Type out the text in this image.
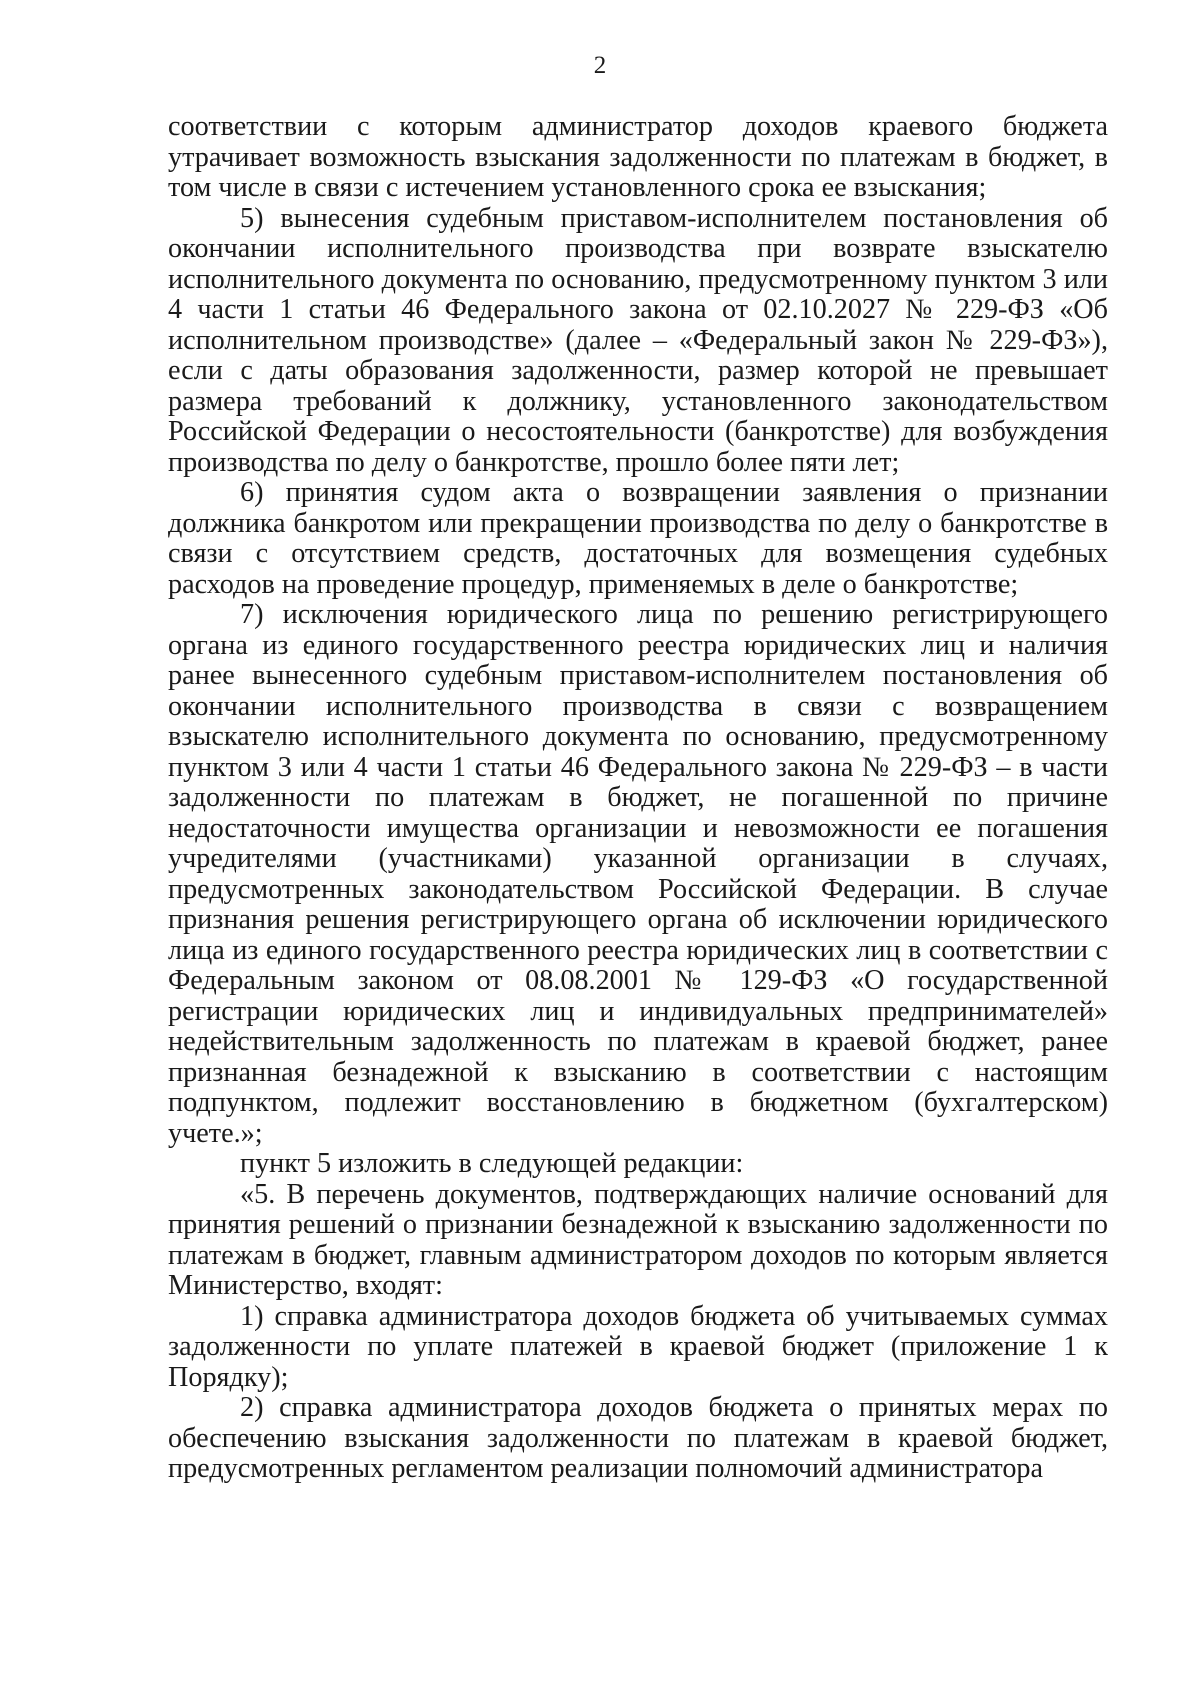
2

соответствии с которым администратор доходов краевого бюджета утрачивает возможность взыскания задолженности по платежам в бюджет, в том числе в связи с истечением установленного срока ее взыскания;

5) вынесения судебным приставом-исполнителем постановления об окончании исполнительного производства при возврате взыскателю исполнительного документа по основанию, предусмотренному пунктом 3 или 4 части 1 статьи 46 Федерального закона от 02.10.2027 № 229-ФЗ «Об исполнительном производстве» (далее – «Федеральный закон № 229-ФЗ»), если с даты образования задолженности, размер которой не превышает размера требований к должнику, установленного законодательством Российской Федерации о несостоятельности (банкротстве) для возбуждения производства по делу о банкротстве, прошло более пяти лет;

6) принятия судом акта о возвращении заявления о признании должника банкротом или прекращении производства по делу о банкротстве в связи с отсутствием средств, достаточных для возмещения судебных расходов на проведение процедур, применяемых в деле о банкротстве;

7) исключения юридического лица по решению регистрирующего органа из единого государственного реестра юридических лиц и наличия ранее вынесенного судебным приставом-исполнителем постановления об окончании исполнительного производства в связи с возвращением взыскателю исполнительного документа по основанию, предусмотренному пунктом 3 или 4 части 1 статьи 46 Федерального закона № 229-ФЗ – в части задолженности по платежам в бюджет, не погашенной по причине недостаточности имущества организации и невозможности ее погашения учредителями (участниками) указанной организации в случаях, предусмотренных законодательством Российской Федерации. В случае признания решения регистрирующего органа об исключении юридического лица из единого государственного реестра юридических лиц в соответствии с Федеральным законом от 08.08.2001 № 129-ФЗ «О государственной регистрации юридических лиц и индивидуальных предпринимателей» недействительным задолженность по платежам в краевой бюджет, ранее признанная безнадежной к взысканию в соответствии с настоящим подпунктом, подлежит восстановлению в бюджетном (бухгалтерском) учете.»;

пункт 5 изложить в следующей редакции:

«5. В перечень документов, подтверждающих наличие оснований для принятия решений о признании безнадежной к взысканию задолженности по платежам в бюджет, главным администратором доходов по которым является Министерство, входят:

1) справка администратора доходов бюджета об учитываемых суммах задолженности по уплате платежей в краевой бюджет (приложение 1 к Порядку);

2) справка администратора доходов бюджета о принятых мерах по обеспечению взыскания задолженности по платежам в краевой бюджет, предусмотренных регламентом реализации полномочий администратора
